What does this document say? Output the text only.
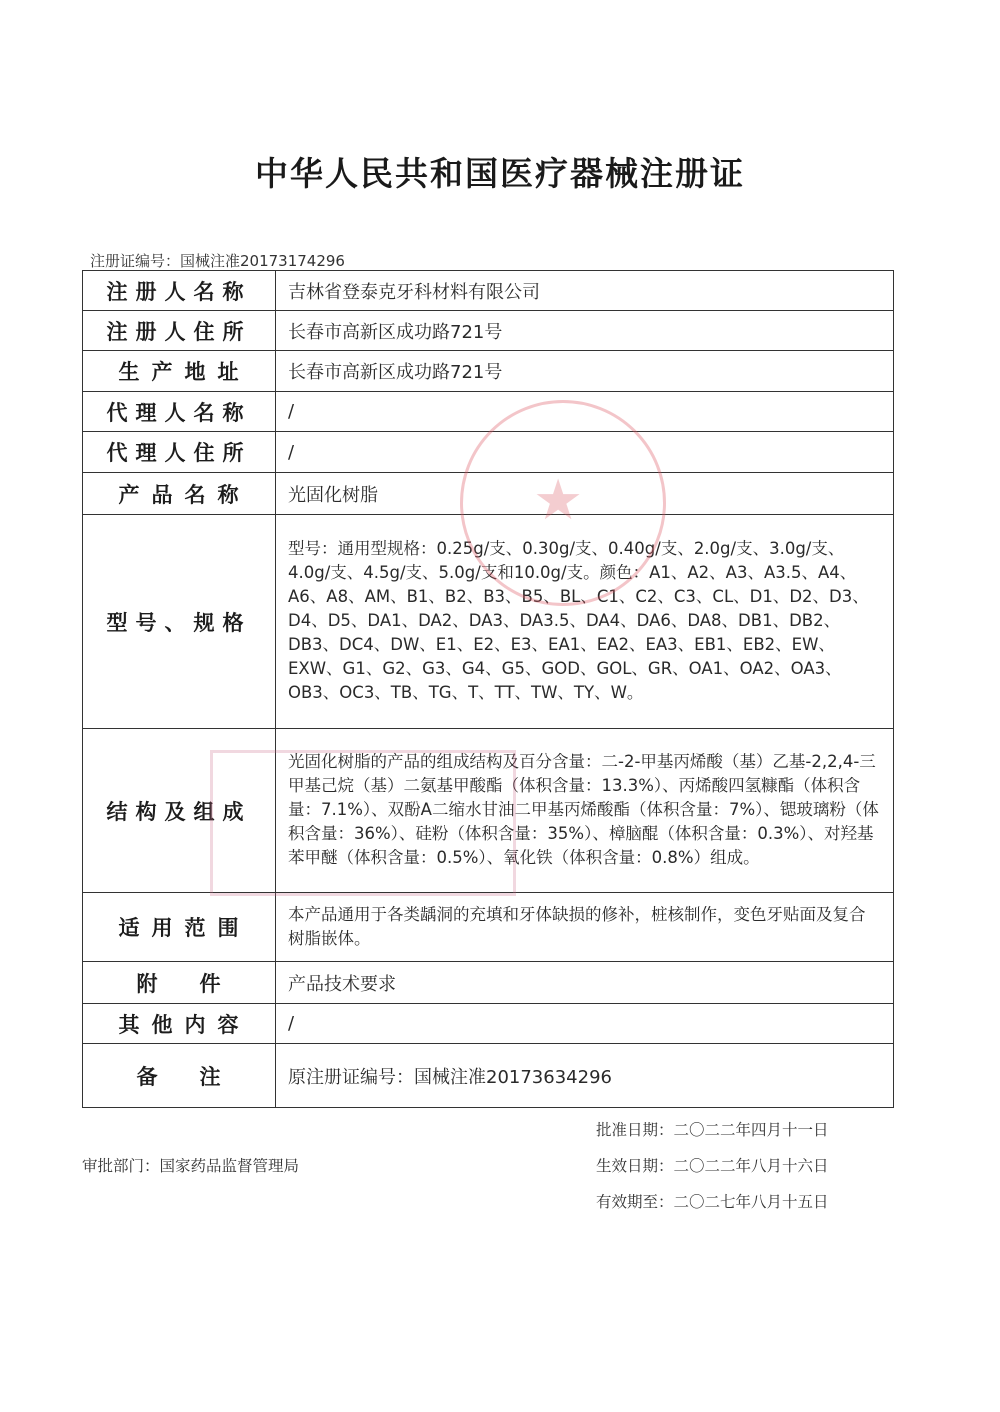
中华人民共和国医疗器械注册证
注册证编号：国械注准20173174296
注册人名称	吉林省登泰克牙科材料有限公司
注册人住所	长春市高新区成功路721号
生产地址	长春市高新区成功路721号
代理人名称	/
代理人住所	/
产品名称	光固化树脂
型号、规格	型号：通用型规格：0.25g/支、0.30g/支、0.40g/支、2.0g/支、3.0g/支、4.0g/支、4.5g/支、5.0g/支和10.0g/支。颜色：A1、A2、A3、A3.5、A4、A6、A8、AM、B1、B2、B3、B5、BL、C1、C2、C3、CL、D1、D2、D3、D4、D5、DA1、DA2、DA3、DA3.5、DA4、DA6、DA8、DB1、DB2、DB3、DC4、DW、E1、E2、E3、EA1、EA2、EA3、EB1、EB2、EW、EXW、G1、G2、G3、G4、G5、GOD、GOL、GR、OA1、OA2、OA3、OB3、OC3、TB、TG、T、TT、TW、TY、W。
结构及组成	光固化树脂的产品的组成结构及百分含量：二-2-甲基丙烯酸（基）乙基-2,2,4-三甲基己烷（基）二氨基甲酸酯（体积含量：13.3%）、丙烯酸四氢糠酯（体积含量：7.1%）、双酚A二缩水甘油二甲基丙烯酸酯（体积含量：7%）、锶玻璃粉（体积含量：36%）、硅粉（体积含量：35%）、樟脑醌（体积含量：0.3%）、对羟基苯甲醚（体积含量：0.5%）、氧化铁（体积含量：0.8%）组成。
适用范围	本产品通用于各类龋洞的充填和牙体缺损的修补，桩核制作，变色牙贴面及复合树脂嵌体。
附件	产品技术要求
其他内容	/
备注	原注册证编号：国械注准20173634296
★
批准日期：二〇二二年四月十一日
审批部门：国家药品监督管理局	生效日期：二〇二二年八月十六日
有效期至：二〇二七年八月十五日
